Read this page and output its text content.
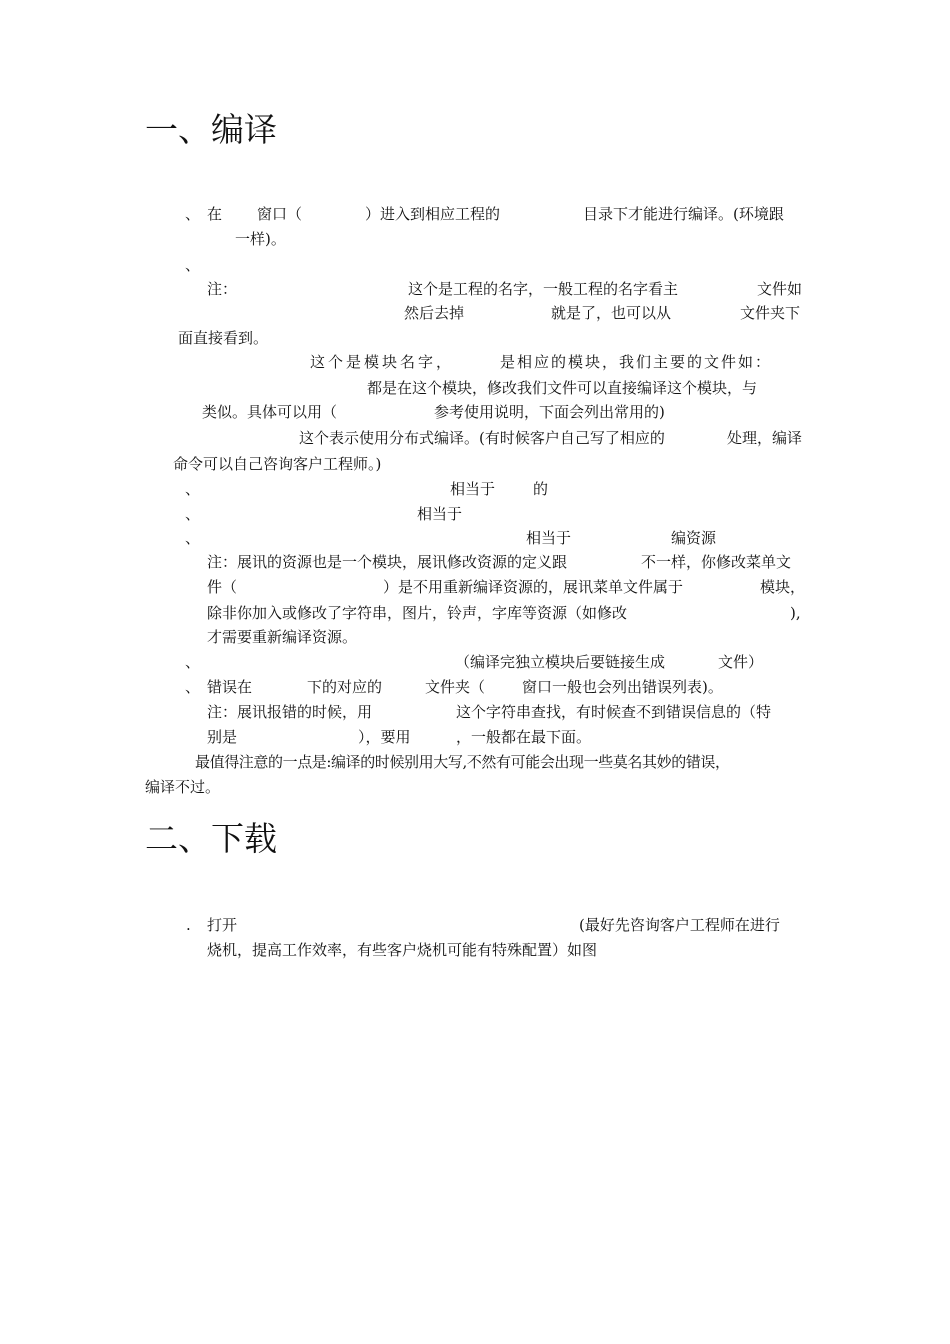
一、编译
、 在 窗口（	）进入到相应工程的	目录下才能进行编译。(环境跟
一样)。
、
注：	这个是工程的名字，一般工程的名字看主	文件如
然后去掉	就是了，也可以从	文件夹下
面直接看到。
这个是模块名字，	是相应的模块，我们主要的文件如：
都是在这个模块，修改我们文件可以直接编译这个模块，与
类似。具体可以用（	参考使用说明，下面会列出常用的)
这个表示使用分布式编译。(有时候客户自己写了相应的	处理，编译
命令可以自己咨询客户工程师。)
、	相当于	的
、	相当于
、	相当于	编资源
注：展讯的资源也是一个模块，展讯修改资源的定义跟	不一样，你修改菜单文
件（	）是不用重新编译资源的，展讯菜单文件属于	模块，
除非你加入或修改了字符串，图片，铃声，字库等资源（如修改	),
才需要重新编译资源。
、	（编译完独立模块后要链接生成	文件）
、 错误在	下的对应的	文件夹（ 窗口一般也会列出错误列表)。
注：展讯报错的时候，用	这个字符串查找，有时候查不到错误信息的（特
别是	），要用	，一般都在最下面。
最值得注意的一点是:编译的时候别用大写,不然有可能会出现一些莫名其妙的错误，
编译不过。
二、下载
. 打开	(最好先咨询客户工程师在进行
烧机，提高工作效率，有些客户烧机可能有特殊配置）如图
